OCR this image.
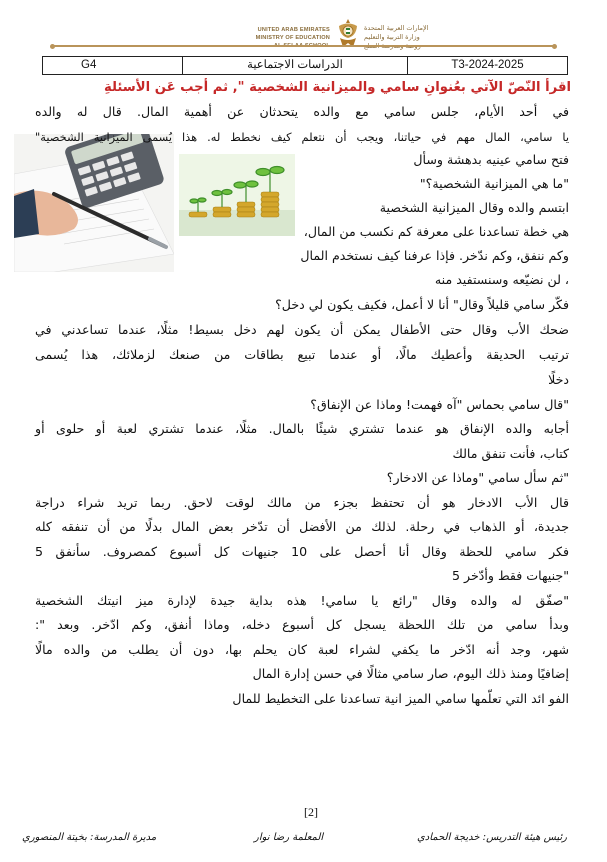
UNITED ARAB EMIRATES
MINISTRY OF EDUCATION
الإمارات العربية المتحدة
وزارة التربية والتعليم
G4	الدراسات الاجتماعية	T3-2024-2025
اقرأ النّصّ الآتي بعُنوانِ سامي والميزانية الشخصية ", ثم أجب عَن الأسئلةِ
في أحد الأيام، جلس سامي مع والده يتحدثان عن أهمية المال. قال له والده
يا سامي، المال مهم في حياتنا، ويجب أن نتعلم كيف نخطط له. هذا يُسمى الميزانية الشخصية"
فتح سامي عينيه بدهشة وسأل
"ما هي الميزانية الشخصية؟"
ابتسم والده وقال الميزانية الشخصية
هي خطة تساعدنا على معرفة كم نكسب من المال،
وكم ننفق، وكم ندّخر. فإذا عرفنا كيف نستخدم المال
، لن نضيّعه وسنستفيد منه
فكّر سامي قليلاً وقال" أنا لا أعمل، فكيف يكون لي دخل؟
ضحك الأب وقال حتى الأطفال يمكن أن يكون لهم دخل بسيط! مثلًا، عندما تساعدني في
ترتيب الحديقة وأعطيك مالًا، أو عندما تبيع بطاقات من صنعك لزملائك، هذا يُسمى
دخلًا
"قال سامي بحماس "آه فهمت! وماذا عن الإنفاق؟
أجابه والده الإنفاق هو عندما تشتري شيئًا بالمال. مثلًا، عندما تشتري لعبة أو حلوى أو
كتاب، فأنت تنفق مالك
"ثم سأل سامي "وماذا عن الادخار؟
قال الأب الادخار هو أن تحتفظ بجزء من مالك لوقت لاحق. ربما تريد شراء دراجة
جديدة، أو الذهاب في رحلة. لذلك من الأفضل أن تدّخر بعض المال بدلًا من أن تنفقه كله
فكر سامي للحظة وقال أنا أحصل على 10 جنيهات كل أسبوع كمصروف. سأنفق 5
"جنيهات فقط وأدّخر 5
"صفّق له والده وقال "رائع يا سامي! هذه بداية جيدة لإدارة ميز انيتك الشخصية
وبدأ سامي من تلك اللحظة يسجل كل أسبوع دخله، وماذا أنفق، وكم ادّخر. وبعد ":
شهر، وجد أنه ادّخر ما يكفي لشراء لعبة كان يحلم بها، دون أن يطلب من والده مالًا
إضافيًا ومنذ ذلك اليوم، صار سامي مثالًا في حسن إدارة المال
الفو ائد التي تعلّمها سامي الميز انية تساعدنا على التخطيط للمال
[2]
رئيس هيئة التدريس: خديجة الحمادي
المعلمة رضا نوار
مديرة المدرسة: بخيتة المنصوري
